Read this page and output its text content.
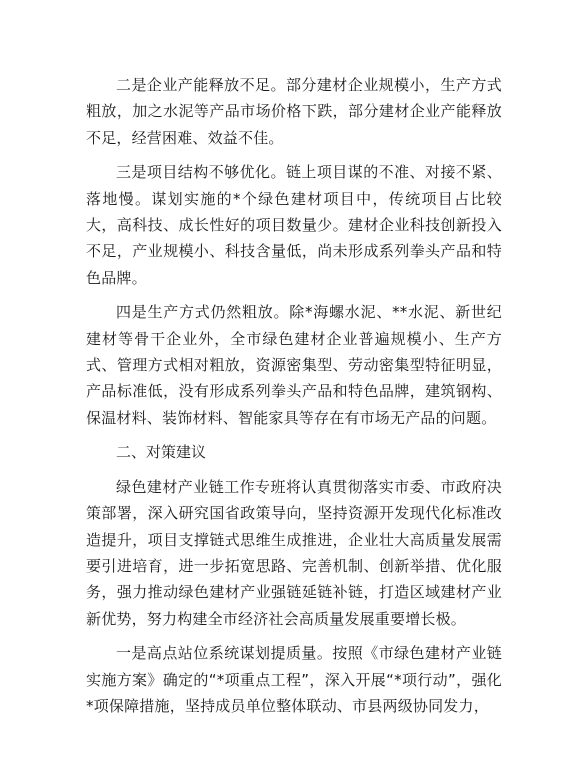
二是企业产能释放不足。部分建材企业规模小，生产方式粗放，加之水泥等产品市场价格下跌，部分建材企业产能释放不足，经营困难、效益不佳。

三是项目结构不够优化。链上项目谋的不准、对接不紧、落地慢。谋划实施的*个绿色建材项目中，传统项目占比较大，高科技、成长性好的项目数量少。建材企业科技创新投入不足，产业规模小、科技含量低，尚未形成系列拳头产品和特色品牌。

四是生产方式仍然粗放。除*海螺水泥、**水泥、新世纪建材等骨干企业外，全市绿色建材企业普遍规模小、生产方式、管理方式相对粗放，资源密集型、劳动密集型特征明显，产品标准低，没有形成系列拳头产品和特色品牌，建筑钢构、保温材料、装饰材料、智能家具等存在有市场无产品的问题。

二、对策建议

绿色建材产业链工作专班将认真贯彻落实市委、市政府决策部署，深入研究国省政策导向，坚持资源开发现代化标准改造提升，项目支撑链式思维生成推进，企业壮大高质量发展需要引进培育，进一步拓宽思路、完善机制、创新举措、优化服务，强力推动绿色建材产业强链延链补链，打造区域建材产业新优势，努力构建全市经济社会高质量发展重要增长极。

一是高点站位系统谋划提质量。按照《市绿色建材产业链实施方案》确定的“*项重点工程”，深入开展“*项行动”，强化*项保障措施，坚持成员单位整体联动、市县两级协同发力，
